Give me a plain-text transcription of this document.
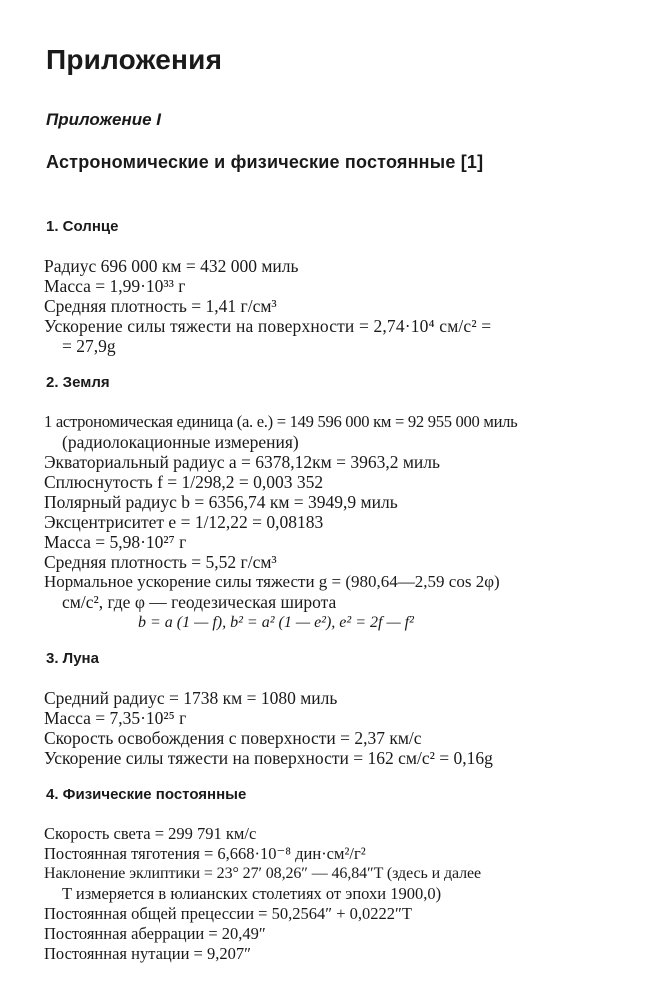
Приложения
Приложение I
Астрономические и физические постоянные [1]
1. Солнце
Радиус 696 000 км = 432 000 миль
Масса = 1,99·10³³ г
Средняя плотность = 1,41 г/см³
Ускорение силы тяжести на поверхности = 2,74·10⁴ см/с² =
= 27,9g
2. Земля
1 астрономическая единица (а. е.) = 149 596 000 км = 92 955 000 миль
(радиолокационные измерения)
Экваториальный радиус a = 6378,12км = 3963,2 миль
Сплюснутость f = 1/298,2 = 0,003 352
Полярный радиус b = 6356,74 км = 3949,9 миль
Эксцентриситет e = 1/12,22 = 0,08183
Масса = 5,98·10²⁷ г
Средняя плотность = 5,52 г/см³
Нормальное ускорение силы тяжести g = (980,64—2,59 cos 2φ)
см/с², где φ — геодезическая широта
b = a (1 — f), b² = a² (1 — e²), e² = 2f — f²
3. Луна
Средний радиус = 1738 км = 1080 миль
Масса = 7,35·10²⁵ г
Скорость освобождения с поверхности = 2,37 км/с
Ускорение силы тяжести на поверхности = 162 см/с² = 0,16g
4. Физические постоянные
Скорость света = 299 791 км/с
Постоянная тяготения = 6,668·10⁻⁸ дин·см²/г²
Наклонение эклиптики = 23° 27′ 08,26″ — 46,84″T (здесь и далее
T измеряется в юлианских столетиях от эпохи 1900,0)
Постоянная общей прецессии = 50,2564″ + 0,0222″T
Постоянная аберрации = 20,49″
Постоянная нутации = 9,207″
